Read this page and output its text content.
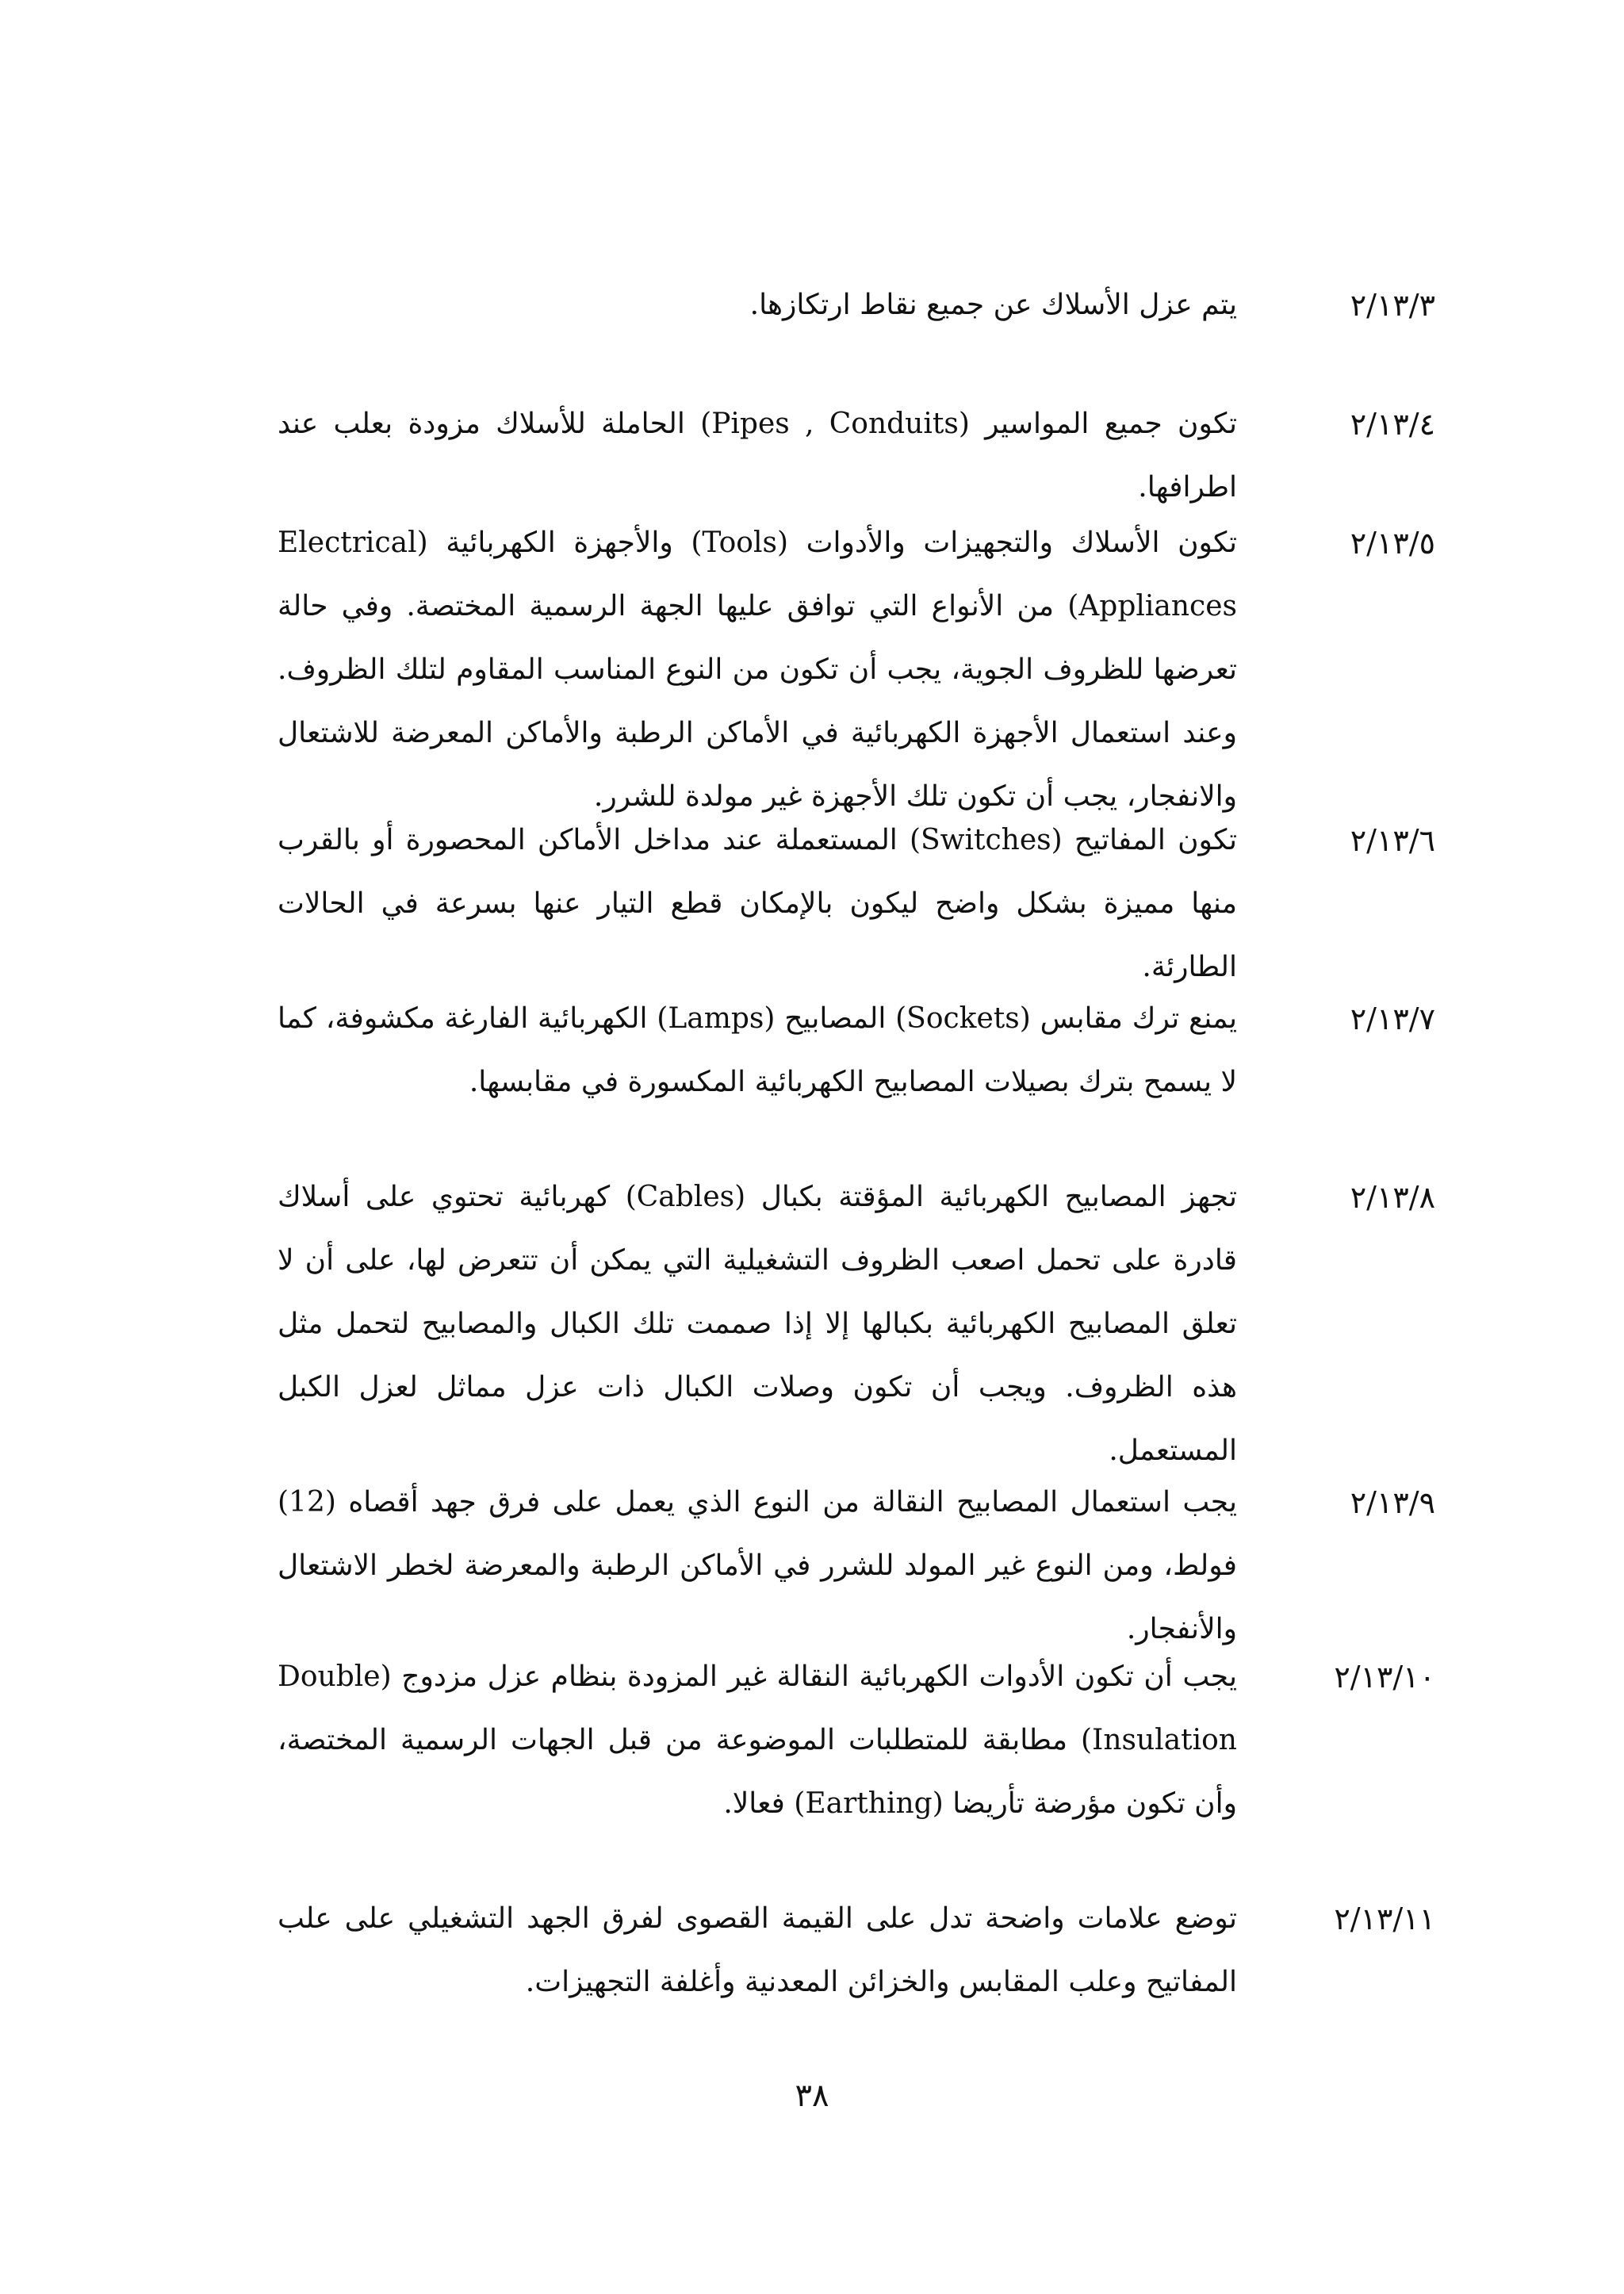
٢/١٣/٣
يتم عزل الأسلاك عن جميع نقاط ارتكازها.
٢/١٣/٤
تكون جميع المواسير (Pipes , Conduits) الحاملة للأسلاك مزودة بعلب عند اطرافها.
٢/١٣/٥
تكون الأسلاك والتجهيزات والأدوات (Tools) والأجهزة الكهربائية (Electrical Appliances) من الأنواع التي توافق عليها الجهة الرسمية المختصة. وفي حالة تعرضها للظروف الجوية، يجب أن تكون من النوع المناسب المقاوم لتلك الظروف. وعند استعمال الأجهزة الكهربائية في الأماكن الرطبة والأماكن المعرضة للاشتعال والانفجار، يجب أن تكون تلك الأجهزة غير مولدة للشرر.
٢/١٣/٦
تكون المفاتيح (Switches) المستعملة عند مداخل الأماكن المحصورة أو بالقرب منها مميزة بشكل واضح ليكون بالإمكان قطع التيار عنها بسرعة في الحالات الطارئة.
٢/١٣/٧
يمنع ترك مقابس (Sockets) المصابيح (Lamps) الكهربائية الفارغة مكشوفة، كما لا يسمح بترك بصيلات المصابيح الكهربائية المكسورة في مقابسها.
٢/١٣/٨
تجهز المصابيح الكهربائية المؤقتة بكبال (Cables) كهربائية تحتوي على أسلاك قادرة على تحمل اصعب الظروف التشغيلية التي يمكن أن تتعرض لها، على أن لا تعلق المصابيح الكهربائية بكبالها إلا إذا صممت تلك الكبال والمصابيح لتحمل مثل هذه الظروف. ويجب أن تكون وصلات الكبال ذات عزل مماثل لعزل الكبل المستعمل.
٢/١٣/٩
يجب استعمال المصابيح النقالة من النوع الذي يعمل على فرق جهد أقصاه (12) فولط، ومن النوع غير المولد للشرر في الأماكن الرطبة والمعرضة لخطر الاشتعال والأنفجار.
٢/١٣/١٠
يجب أن تكون الأدوات الكهربائية النقالة غير المزودة بنظام عزل مزدوج (Double Insulation) مطابقة للمتطلبات الموضوعة من قبل الجهات الرسمية المختصة، وأن تكون مؤرضة تأريضا (Earthing) فعالا.
٢/١٣/١١
توضع علامات واضحة تدل على القيمة القصوى لفرق الجهد التشغيلي على علب المفاتيح وعلب المقابس والخزائن المعدنية وأغلفة التجهيزات.
٣٨
